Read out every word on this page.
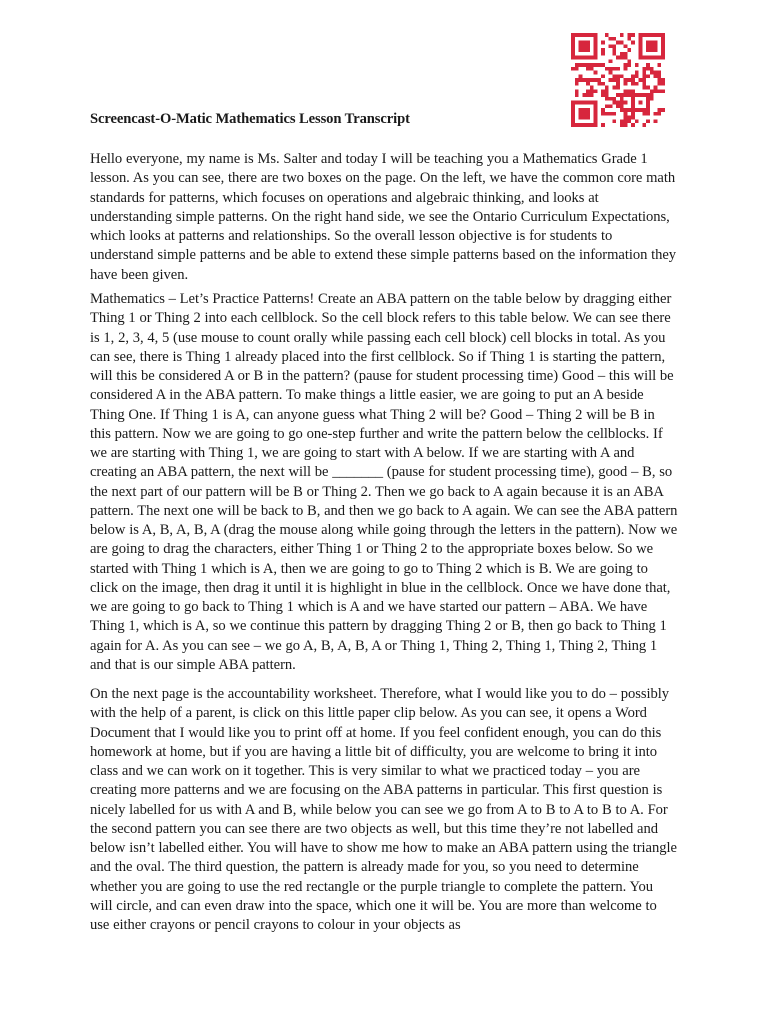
Screencast-O-Matic Mathematics Lesson Transcript

Hello everyone, my name is Ms. Salter and today I will be teaching you a Mathematics Grade 1 lesson. As you can see, there are two boxes on the page. On the left, we have the common core math standards for patterns, which focuses on operations and algebraic thinking, and looks at understanding simple patterns. On the right hand side, we see the Ontario Curriculum Expectations, which looks at patterns and relationships. So the overall lesson objective is for students to understand simple patterns and be able to extend these simple patterns based on the information they have been given.

Mathematics – Let’s Practice Patterns! Create an ABA pattern on the table below by dragging either Thing 1 or Thing 2 into each cellblock. So the cell block refers to this table below. We can see there is 1, 2, 3, 4, 5 (use mouse to count orally while passing each cell block) cell blocks in total. As you can see, there is Thing 1 already placed into the first cellblock. So if Thing 1 is starting the pattern, will this be considered A or B in the pattern? (pause for student processing time) Good – this will be considered A in the ABA pattern. To make things a little easier, we are going to put an A beside Thing One. If Thing 1 is A, can anyone guess what Thing 2 will be? Good – Thing 2 will be B in this pattern. Now we are going to go one-step further and write the pattern below the cellblocks. If we are starting with Thing 1, we are going to start with A below. If we are starting with A and creating an ABA pattern, the next will be _______ (pause for student processing time), good – B, so the next part of our pattern will be B or Thing 2. Then we go back to A again because it is an ABA pattern. The next one will be back to B, and then we go back to A again. We can see the ABA pattern below is A, B, A, B, A (drag the mouse along while going through the letters in the pattern). Now we are going to drag the characters, either Thing 1 or Thing 2 to the appropriate boxes below. So we started with Thing 1 which is A, then we are going to go to Thing 2 which is B. We are going to click on the image, then drag it until it is highlight in blue in the cellblock. Once we have done that, we are going to go back to Thing 1 which is A and we have started our pattern – ABA. We have Thing 1, which is A, so we continue this pattern by dragging Thing 2 or B, then go back to Thing 1 again for A. As you can see – we go A, B, A, B, A or Thing 1, Thing 2, Thing 1, Thing 2, Thing 1 and that is our simple ABA pattern.

On the next page is the accountability worksheet. Therefore, what I would like you to do – possibly with the help of a parent, is click on this little paper clip below. As you can see, it opens a Word Document that I would like you to print off at home. If you feel confident enough, you can do this homework at home, but if you are having a little bit of difficulty, you are welcome to bring it into class and we can work on it together. This is very similar to what we practiced today – you are creating more patterns and we are focusing on the ABA patterns in particular. This first question is nicely labelled for us with A and B, while below you can see we go from A to B to A to B to A. For the second pattern you can see there are two objects as well, but this time they’re not labelled and below isn’t labelled either. You will have to show me how to make an ABA pattern using the triangle and the oval. The third question, the pattern is already made for you, so you need to determine whether you are going to use the red rectangle or the purple triangle to complete the pattern. You will circle, and can even draw into the space, which one it will be. You are more than welcome to use either crayons or pencil crayons to colour in your objects as
